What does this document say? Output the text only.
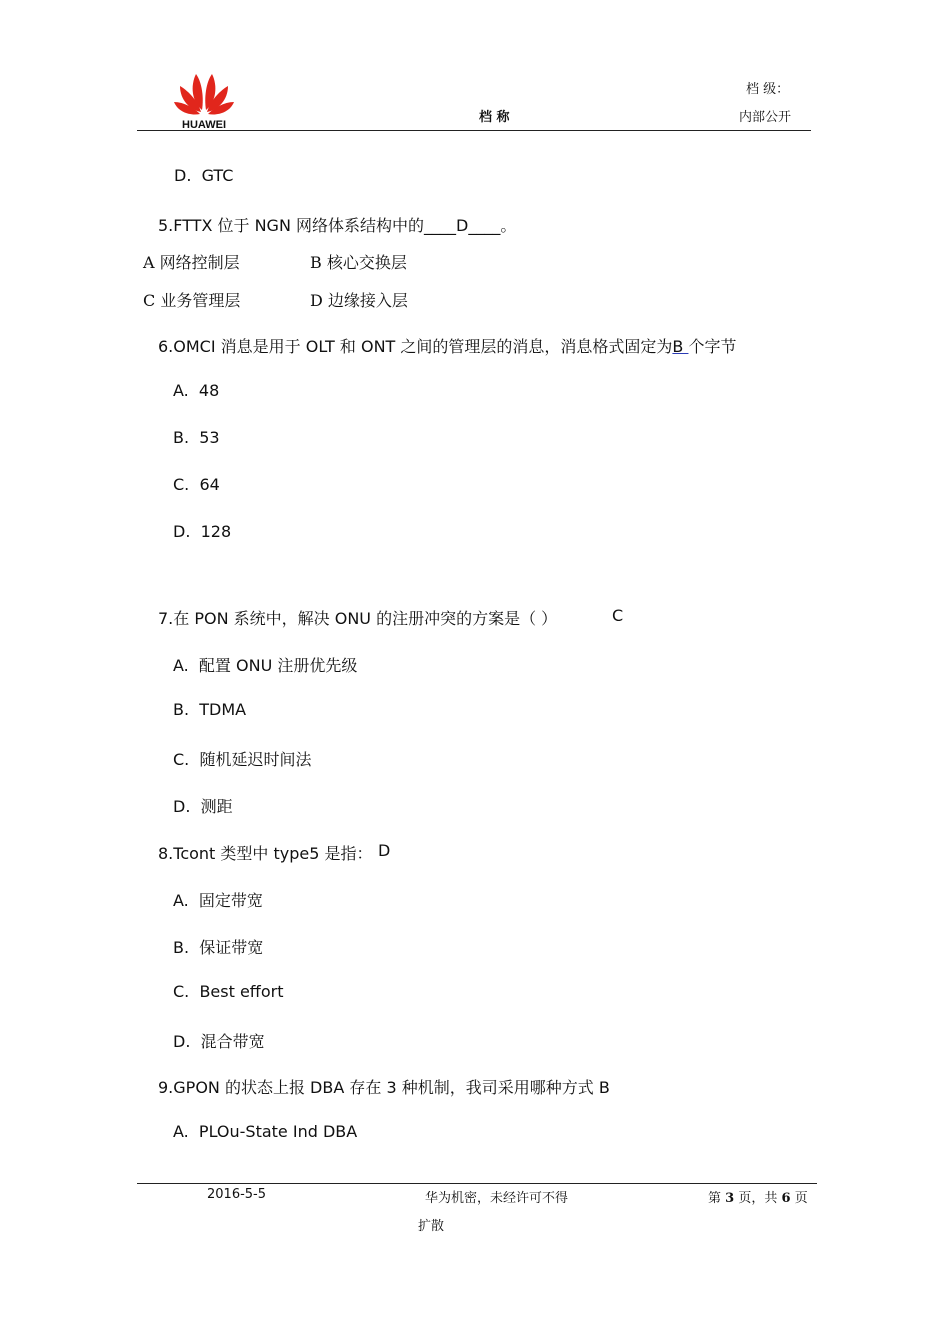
HUAWEI
档 级：
档 称	内部公开
D. GTC
5.FTTX 位于 NGN 网络体系结构中的____D____。
A 网络控制层	B 核心交换层
C 业务管理层	D 边缘接入层
6.OMCI 消息是用于 OLT 和 ONT 之间的管理层的消息，消息格式固定为B 个字节
A. 48
B. 53
C. 64
D. 128
7.在 PON 系统中，解决 ONU 的注册冲突的方案是（ ）	C
A. 配置 ONU 注册优先级
B. TDMA
C. 随机延迟时间法
D. 测距
8.Tcont 类型中 type5 是指： D
A. 固定带宽
B. 保证带宽
C. Best effort
D. 混合带宽
9.GPON 的状态上报 DBA 存在 3 种机制，我司采用哪种方式 B
A. PLOu-State Ind DBA
2016-5-5	华为机密，未经许可不得
扩散
第 3 页，共 6 页
